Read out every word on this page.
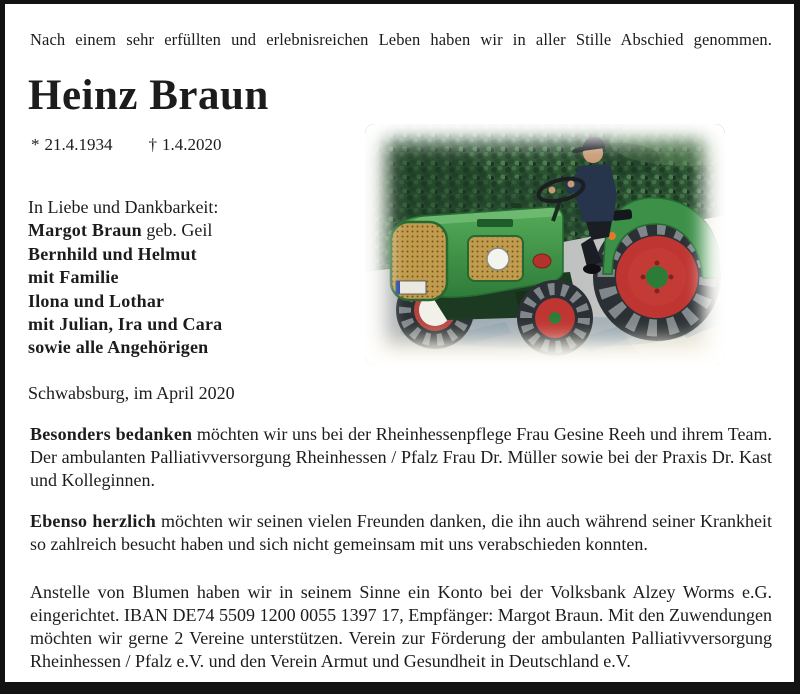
Nach einem sehr erfüllten und erlebnisreichen Leben haben wir in aller Stille Abschied genommen.
Heinz Braun
* 21.4.1934 † 1.4.2020
In Liebe und Dankbarkeit:
Margot Braun geb. Geil
Bernhild und Helmut
mit Familie
Ilona und Lothar
mit Julian, Ira und Cara
sowie alle Angehörigen
Schwabsburg, im April 2020

Besonders bedanken möchten wir uns bei der Rheinhessenpflege Frau Gesine Reeh und ihrem Team. Der ambulanten Palliativversorgung Rheinhessen / Pfalz Frau Dr. Müller sowie bei der Praxis Dr. Kast und Kolleginnen.

Ebenso herzlich möchten wir seinen vielen Freunden danken, die ihn auch während seiner Krankheit so zahlreich besucht haben und sich nicht gemeinsam mit uns verabschieden konnten.

Anstelle von Blumen haben wir in seinem Sinne ein Konto bei der Volksbank Alzey Worms e.G. eingerichtet. IBAN DE74 5509 1200 0055 1397 17, Empfänger: Margot Braun. Mit den Zuwendungen möchten wir gerne 2 Vereine unterstützen. Verein zur Förderung der ambulanten Palliativversorgung Rheinhessen / Pfalz e.V. und den Verein Armut und Gesundheit in Deutschland e.V.
